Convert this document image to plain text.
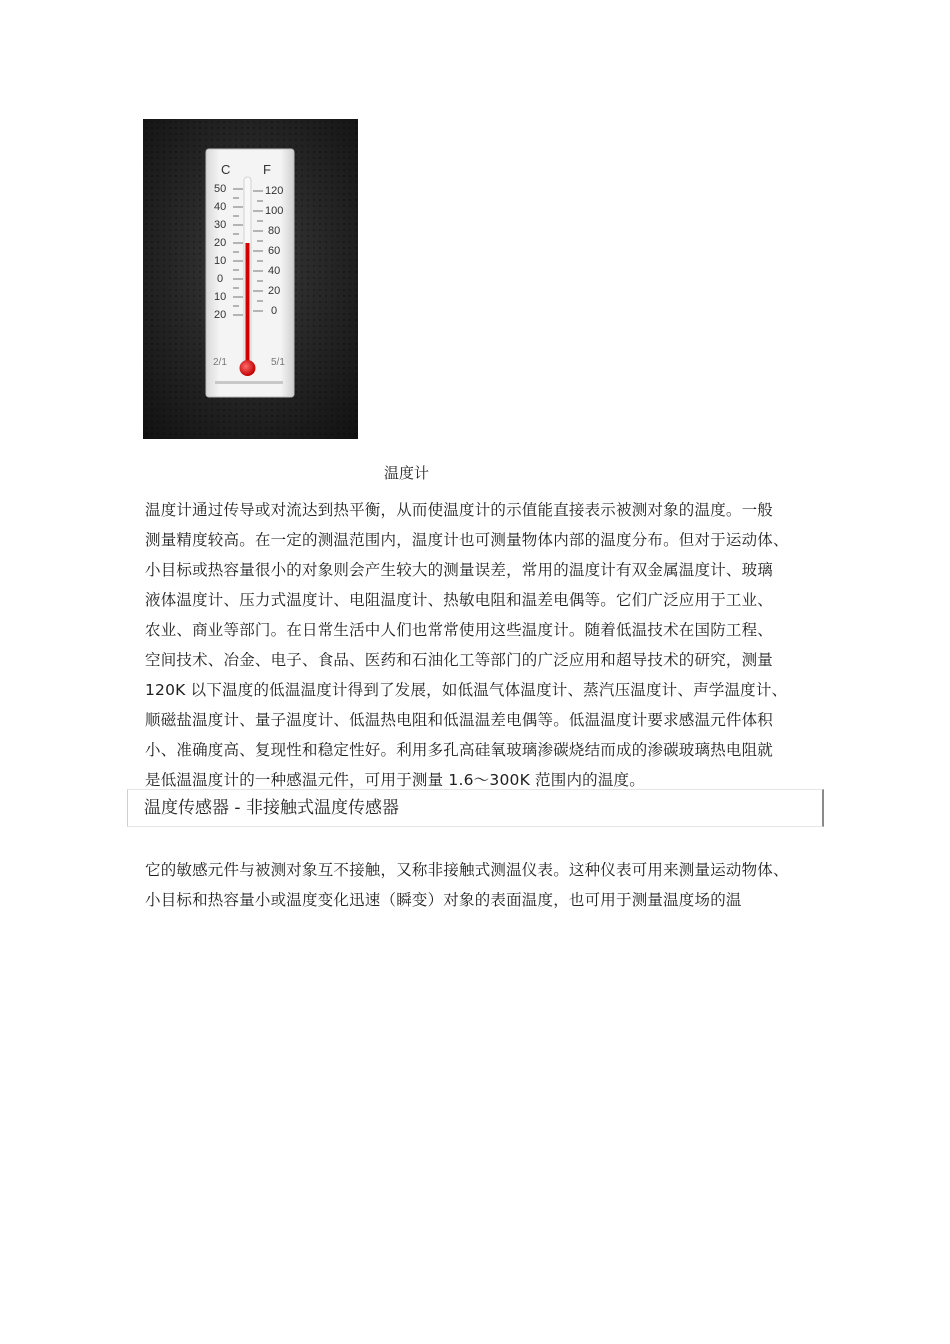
C	F
50
40
30
20
10
0
10
20
120
100
80
60
40
20
0
2/1	5/1
温度计
温度计通过传导或对流达到热平衡，从而使温度计的示值能直接表示被测对象的温度。一般
测量精度较高。在一定的测温范围内，温度计也可测量物体内部的温度分布。但对于运动体、
小目标或热容量很小的对象则会产生较大的测量误差，常用的温度计有双金属温度计、玻璃
液体温度计、压力式温度计、电阻温度计、热敏电阻和温差电偶等。它们广泛应用于工业、
农业、商业等部门。在日常生活中人们也常常使用这些温度计。随着低温技术在国防工程、
空间技术、冶金、电子、食品、医药和石油化工等部门的广泛应用和超导技术的研究，测量
120K 以下温度的低温温度计得到了发展，如低温气体温度计、蒸汽压温度计、声学温度计、
顺磁盐温度计、量子温度计、低温热电阻和低温温差电偶等。低温温度计要求感温元件体积
小、准确度高、复现性和稳定性好。利用多孔高硅氧玻璃渗碳烧结而成的渗碳玻璃热电阻就
是低温温度计的一种感温元件，可用于测量 1.6～300K 范围内的温度。
温度传感器 - 非接触式温度传感器
它的敏感元件与被测对象互不接触，又称非接触式测温仪表。这种仪表可用来测量运动物体、
小目标和热容量小或温度变化迅速（瞬变）对象的表面温度，也可用于测量温度场的温
